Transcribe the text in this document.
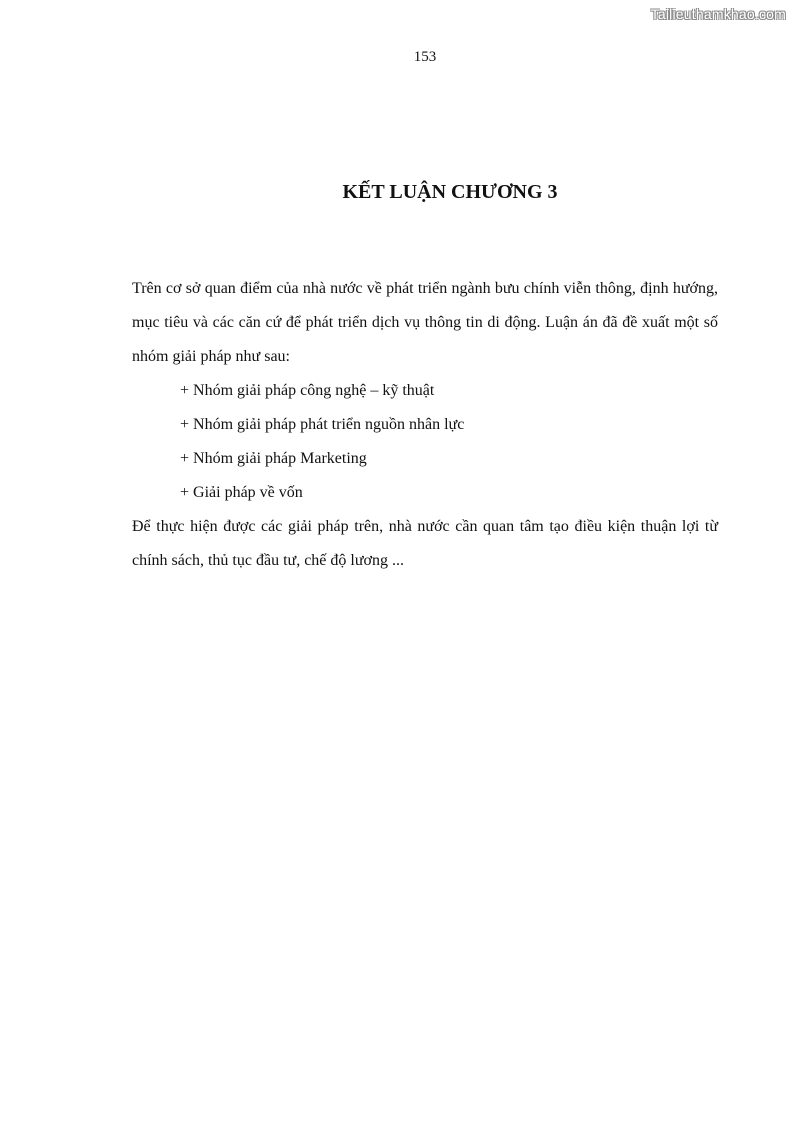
Tailieuthamkhao.com
153
KẾT LUẬN CHƯƠNG 3

Trên cơ sở quan điểm của nhà nước về phát triển ngành bưu chính viễn thông, định hướng, mục tiêu và các căn cứ để phát triển dịch vụ thông tin di động. Luận án đã đề xuất một số nhóm giải pháp như sau:

+ Nhóm giải pháp công nghệ – kỹ thuật
+ Nhóm giải pháp phát triển nguồn nhân lực
+ Nhóm giải pháp Marketing
+ Giải pháp về vốn

Để thực hiện được các giải pháp trên, nhà nước cần quan tâm tạo điều kiện thuận lợi từ chính sách, thủ tục đầu tư, chế độ lương ...
